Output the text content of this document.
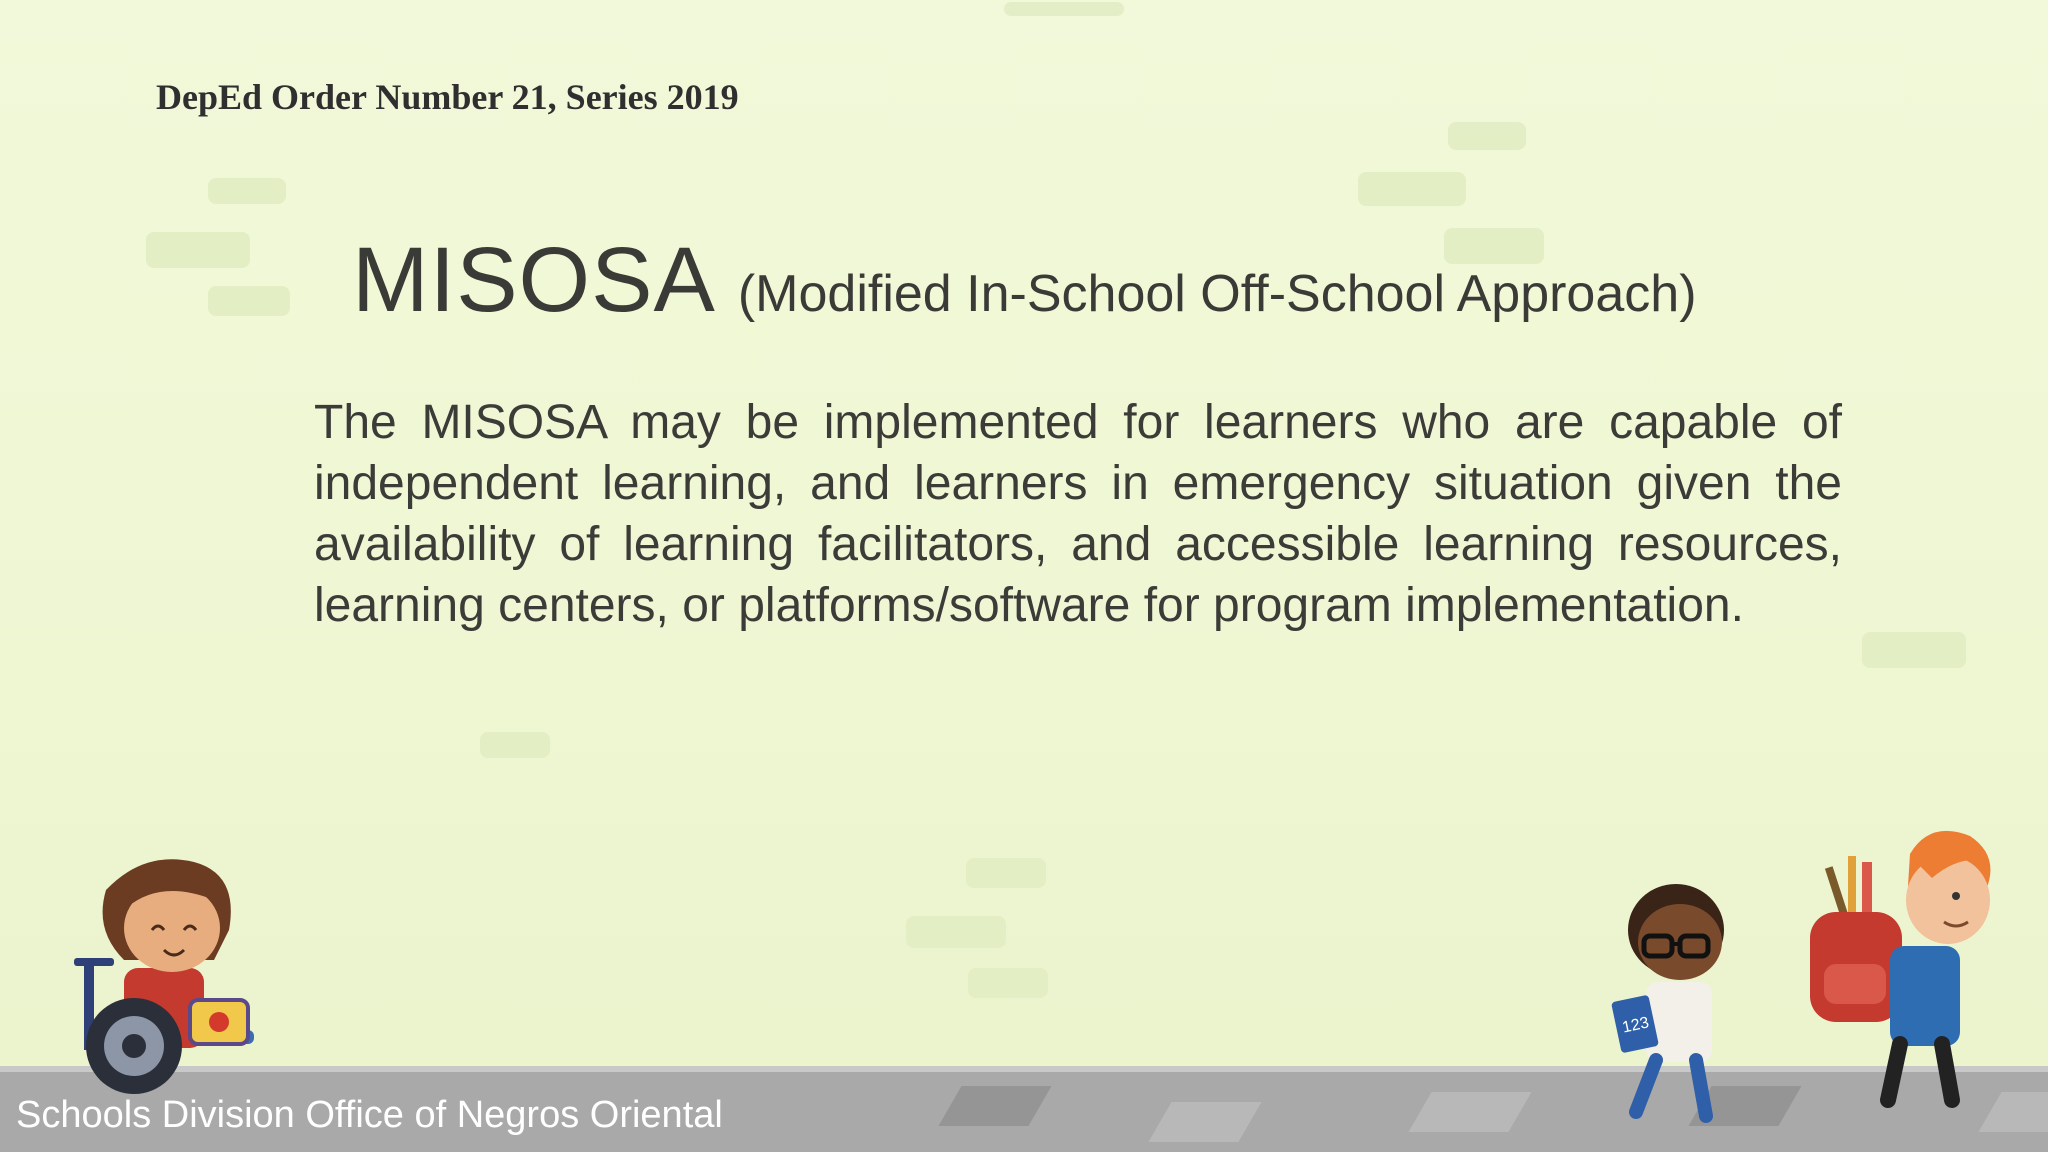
DepEd Order Number 21, Series 2019
MISOSA (Modified In-School Off-School Approach)
The MISOSA may be implemented for learners who are capable of independent learning, and learners in emergency situation given the availability of learning facilitators, and accessible learning resources, learning centers, or platforms/software for program implementation.
123
Schools Division Office of Negros Oriental
